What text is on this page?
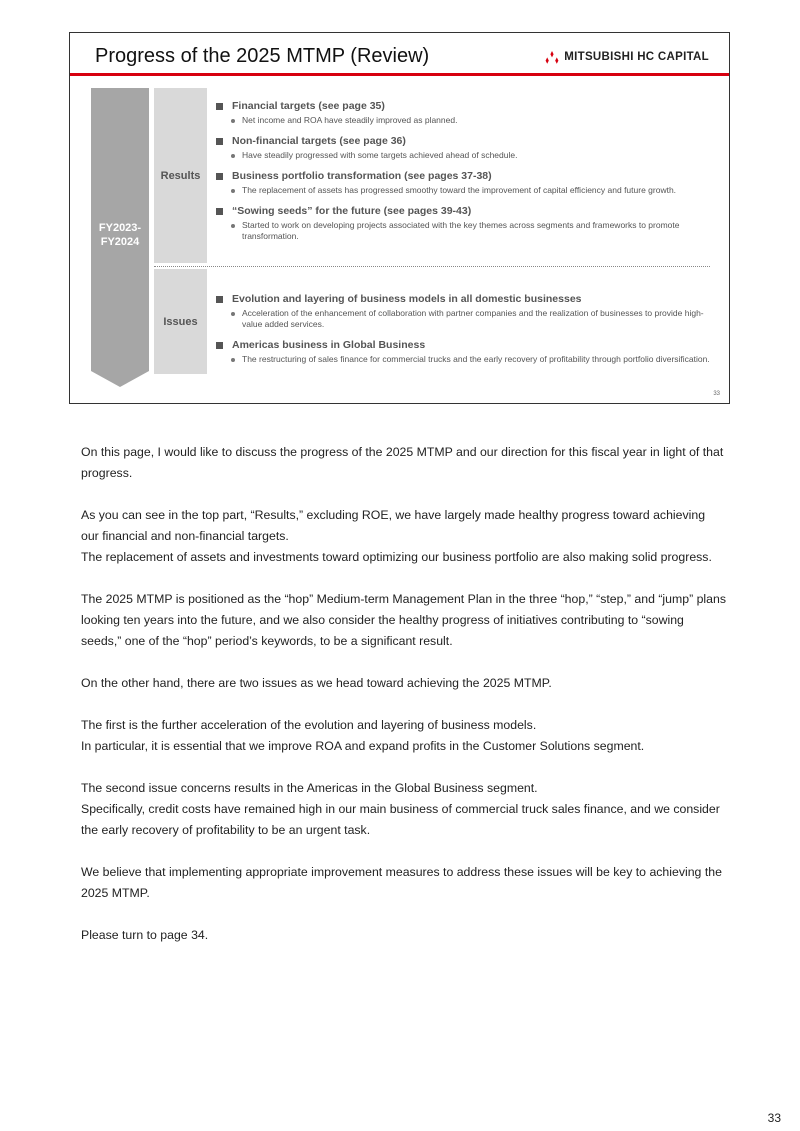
Progress of the 2025 MTMP (Review)	MITSUBISHI HC CAPITAL
FY2023-
FY2024
Results
Issues
Financial targets (see page 35)
Net income and ROA have steadily improved as planned.
Non-financial targets (see page 36)
Have steadily progressed with some targets achieved ahead of schedule.
Business portfolio transformation (see pages 37-38)
The replacement of assets has progressed smoothy toward the improvement of capital efficiency and future growth.
“Sowing seeds” for the future (see pages 39-43)
Started to work on developing projects associated with the key themes across segments and frameworks to promote transformation.
Evolution and layering of business models in all domestic businesses
Acceleration of the enhancement of collaboration with partner companies and the realization of businesses to provide high-value added services.
Americas business in Global Business
The restructuring of sales finance for commercial trucks and the early recovery of profitability through portfolio diversification.
33

On this page, I would like to discuss the progress of the 2025 MTMP and our direction for this fiscal year in light of that progress.

As you can see in the top part, “Results,” excluding ROE, we have largely made healthy progress toward achieving our financial and non-financial targets.
The replacement of assets and investments toward optimizing our business portfolio are also making solid progress.

The 2025 MTMP is positioned as the “hop” Medium-term Management Plan in the three “hop,” “step,” and “jump” plans looking ten years into the future, and we also consider the healthy progress of initiatives contributing to “sowing seeds,” one of the “hop” period’s keywords, to be a significant result.

On the other hand, there are two issues as we head toward achieving the 2025 MTMP.

The first is the further acceleration of the evolution and layering of business models.
In particular, it is essential that we improve ROA and expand profits in the Customer Solutions segment.

The second issue concerns results in the Americas in the Global Business segment.
Specifically, credit costs have remained high in our main business of commercial truck sales finance, and we consider the early recovery of profitability to be an urgent task.

We believe that implementing appropriate improvement measures to address these issues will be key to achieving the 2025 MTMP.

Please turn to page 34.

33
